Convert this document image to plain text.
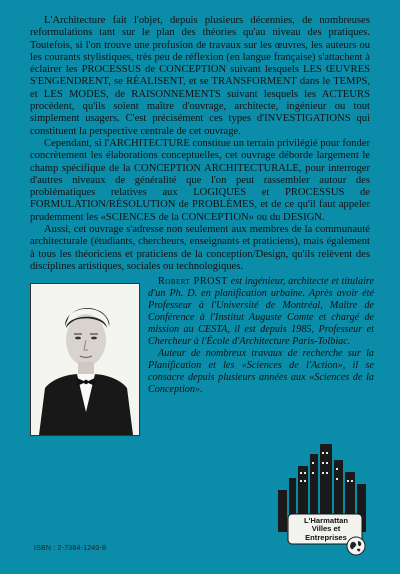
L'Architecture fait l'objet, depuis plusieurs décennies, de nombreuses reformulations tant sur le plan des théories qu'au niveau des pratiques. Toutefois, si l'on trouve une profusion de travaux sur les œuvres, les auteurs ou les courants stylistiques, très peu de réflexion (en langue française) s'attachent à éclairer les PROCESSUS de CONCEPTION suivant lesquels LES ŒUVRES S'ENGENDRENT, se RÉALISENT, et se TRANSFORMENT dans le TEMPS, et LES MODES, de RAISONNEMENTS suivant lesquels les ACTEURS procèdent, qu'ils soient maître d'ouvrage, architecte, ingénieur ou tout simplement usagers. C'est précisément ces types d'INVESTIGATIONS qui constituent la perspective centrale de cet ouvrage.

Cependant, si l'ARCHITECTURE constitue un terrain privilégié pour fonder concrètement les élaborations conceptuelles, cet ouvrage déborde largement le champ spécifique de la CONCEPTION ARCHITECTURALE, pour interroger d'autres niveaux de généralité que l'on peut rassembler autour des problématiques relatives aux LOGIQUES et PROCESSUS de FORMULATION/RÉSOLUTION de PROBLÈMES, et de ce qu'il faut appeler prudemment les «SCIENCES de la CONCEPTION» ou du DESIGN.

Aussi, cet ouvrage s'adresse non seulement aux membres de la communauté architecturale (étudiants, chercheurs, enseignants et praticiens), mais également à tous les théoriciens et praticiens de la conception/Design, qu'ils relèvent des disciplines artistiques, sociales ou technologiques.

Robert PROST est ingénieur, architecte et titulaire d'un Ph. D. en planification urbaine. Après avoir été Professeur à l'Université de Montréal, Maître de Conférence à l'Institut Auguste Comte et chargé de mission au CESTA, il est depuis 1985, Professeur et Chercheur à l'École d'Architecture Paris-Tolbiac.

Auteur de nombreux travaux de recherche sur la Planification et les «Sciences de l'Action», il se consacre depuis plusieurs années aux «Sciences de la Conception».

L'Harmattan
Villes et Entreprises
ISBN : 2-7384-1240-8
